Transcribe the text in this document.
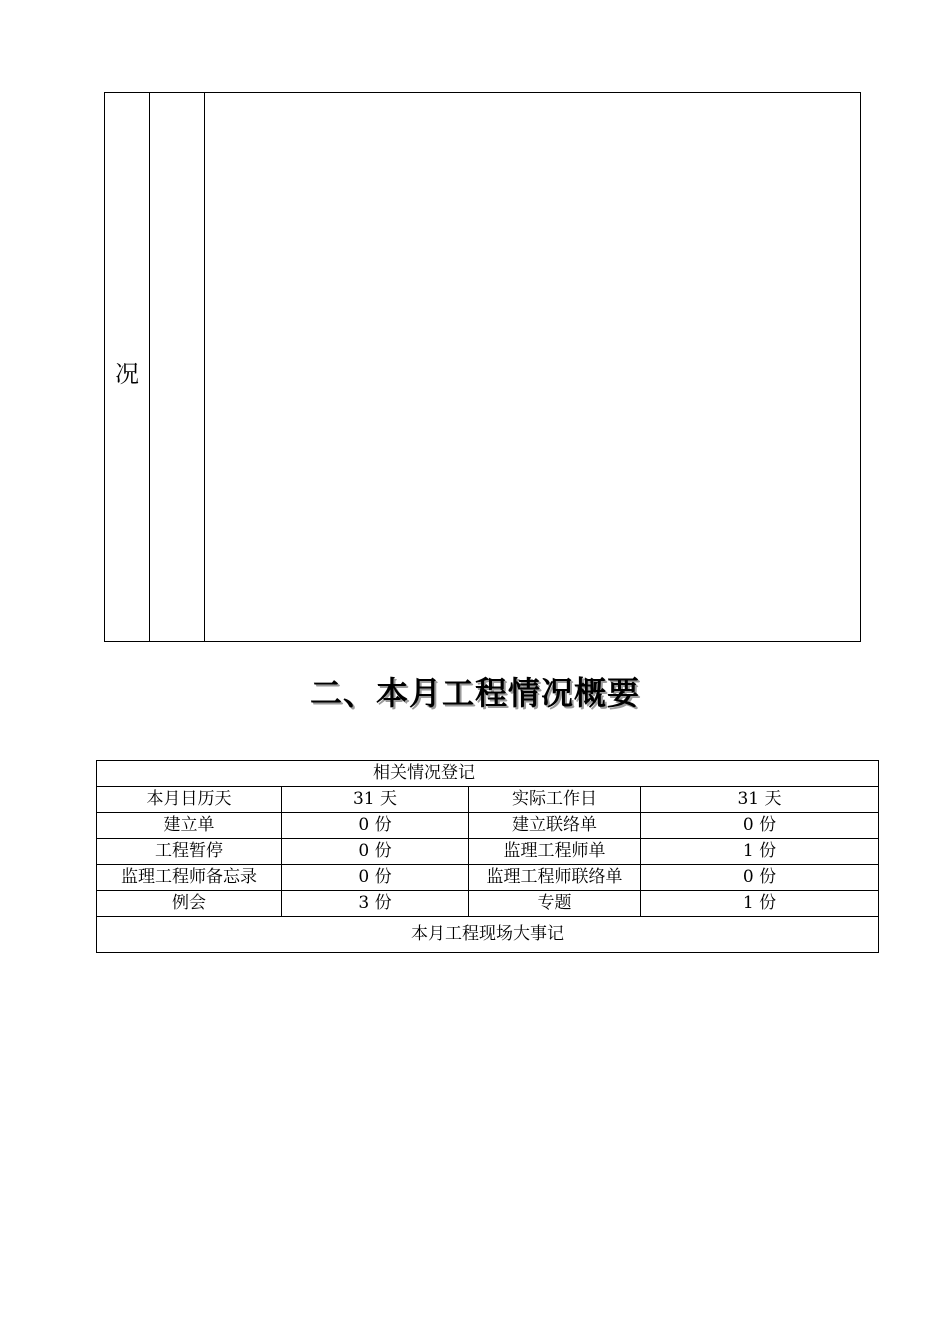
况		
二、本月工程情况概要
相关情况登记			
本月日历天	31 天	实际工作日	31 天
建立单	0 份	建立联络单	0 份
工程暂停	0 份	监理工程师单	1 份
监理工程师备忘录	0 份	监理工程师联络单	0 份
例会	3 份	专题	1 份
本月工程现场大事记			
